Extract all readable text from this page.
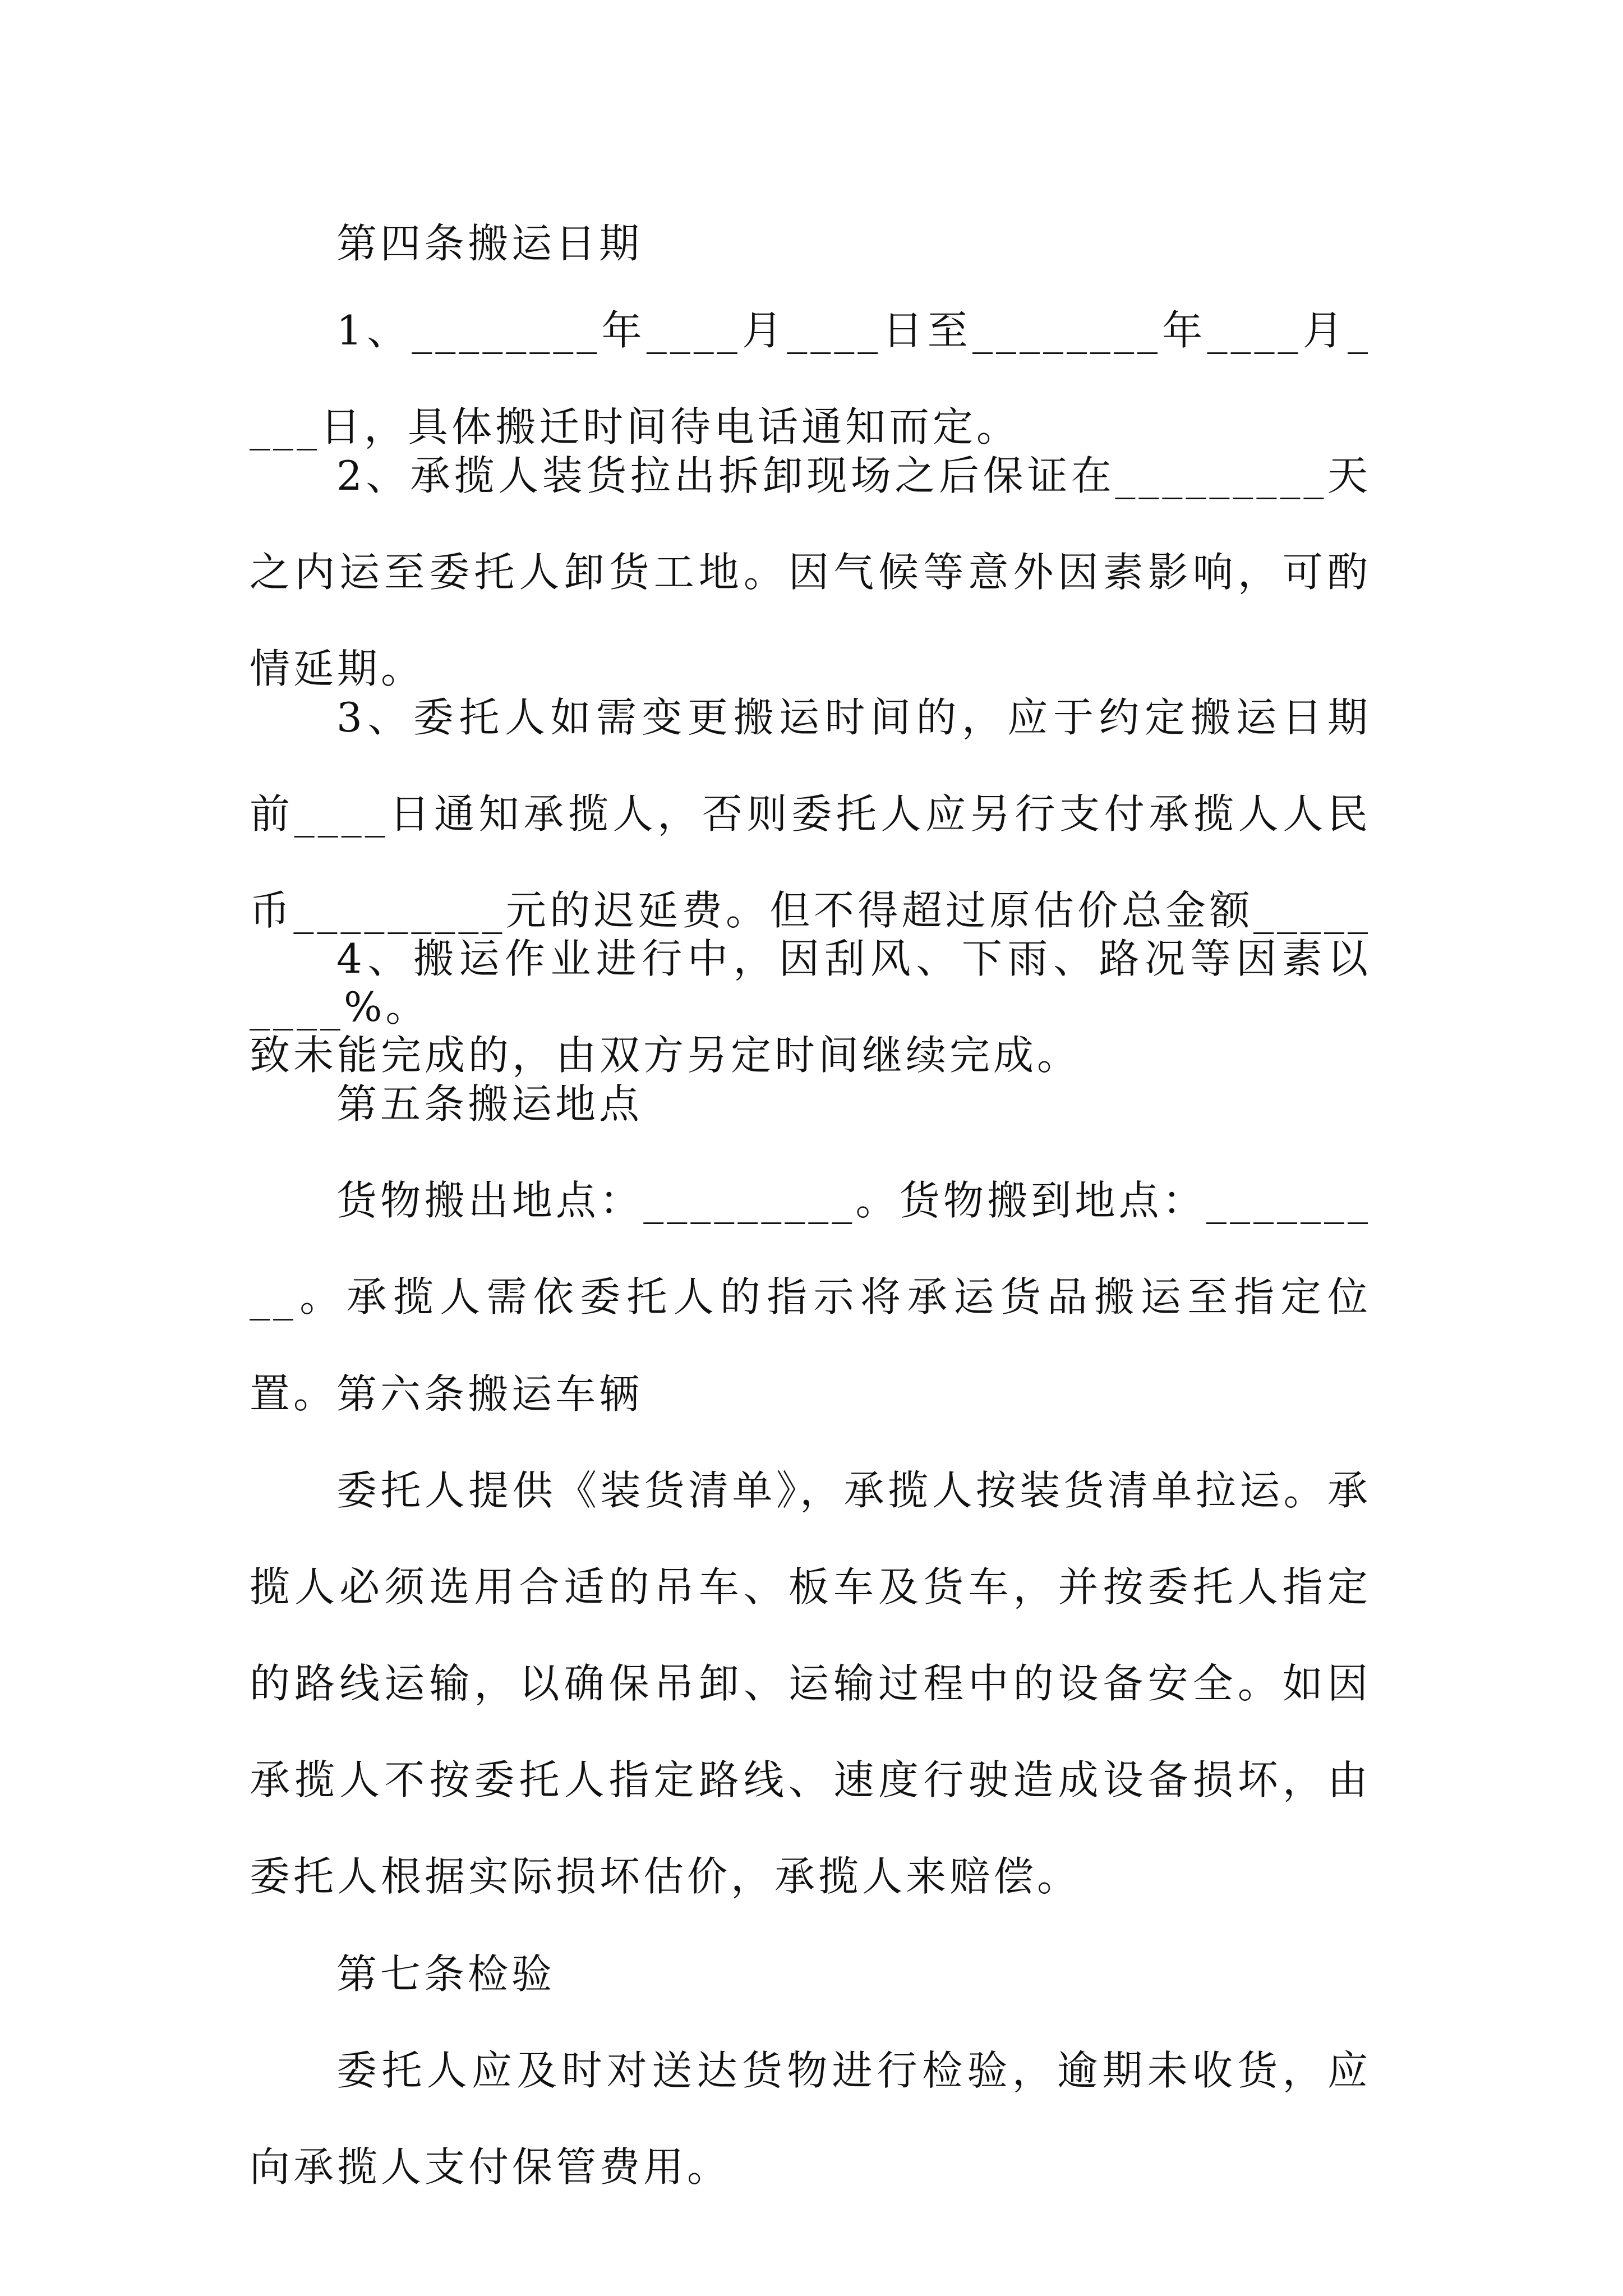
第四条搬运日期

1、________年____月____日至________年____月____日，具体搬迁时间待电话通知而定。

2、承揽人装货拉出拆卸现场之后保证在_________天之内运至委托人卸货工地。因气候等意外因素影响，可酌情延期。

3、委托人如需变更搬运时间的，应于约定搬运日期前____日通知承揽人，否则委托人应另行支付承揽人人民币_________元的迟延费。但不得超过原估价总金额_________%。

4、搬运作业进行中，因刮风、下雨、路况等因素以致未能完成的，由双方另定时间继续完成。

第五条搬运地点

货物搬出地点：_________。货物搬到地点：_________。承揽人需依委托人的指示将承运货品搬运至指定位置。

第六条搬运车辆

委托人提供《装货清单》，承揽人按装货清单拉运。承揽人必须选用合适的吊车、板车及货车，并按委托人指定的路线运输，以确保吊卸、运输过程中的设备安全。如因承揽人不按委托人指定路线、速度行驶造成设备损坏，由委托人根据实际损坏估价，承揽人来赔偿。

第七条检验

委托人应及时对送达货物进行检验，逾期未收货，应向承揽人支付保管费用。
